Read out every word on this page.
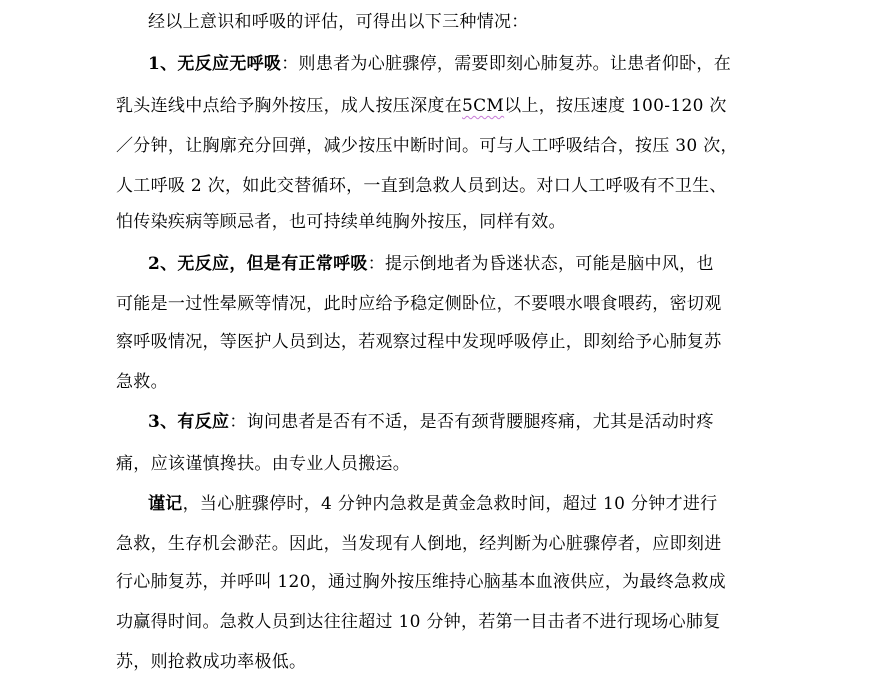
经以上意识和呼吸的评估，可得出以下三种情况：
1、无反应无呼吸：则患者为心脏骤停，需要即刻心肺复苏。让患者仰卧，在
乳头连线中点给予胸外按压，成人按压深度在5CM以上，按压速度 100-120 次
／分钟，让胸廓充分回弹，减少按压中断时间。可与人工呼吸结合，按压 30 次，
人工呼吸 2 次，如此交替循环，一直到急救人员到达。对口人工呼吸有不卫生、
怕传染疾病等顾忌者，也可持续单纯胸外按压，同样有效。
2、无反应，但是有正常呼吸：提示倒地者为昏迷状态，可能是脑中风，也
可能是一过性晕厥等情况，此时应给予稳定侧卧位，不要喂水喂食喂药，密切观
察呼吸情况，等医护人员到达，若观察过程中发现呼吸停止，即刻给予心肺复苏
急救。
3、有反应：询问患者是否有不适，是否有颈背腰腿疼痛，尤其是活动时疼
痛，应该谨慎搀扶。由专业人员搬运。
谨记，当心脏骤停时，4 分钟内急救是黄金急救时间，超过 10 分钟才进行
急救，生存机会渺茫。因此，当发现有人倒地，经判断为心脏骤停者，应即刻进
行心肺复苏，并呼叫 120，通过胸外按压维持心脑基本血液供应，为最终急救成
功赢得时间。急救人员到达往往超过 10 分钟，若第一目击者不进行现场心肺复
苏，则抢救成功率极低。
